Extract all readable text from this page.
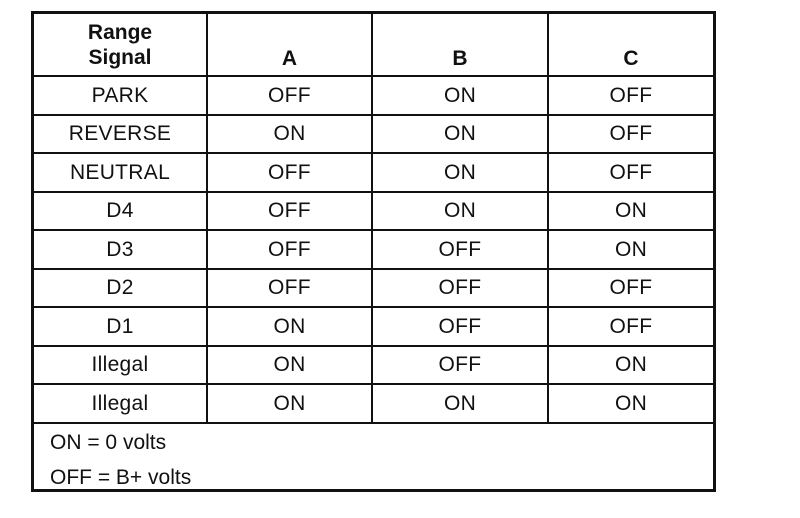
Range
Signal	A	B	C
PARK	OFF	ON	OFF
REVERSE	ON	ON	OFF
NEUTRAL	OFF	ON	OFF
D4	OFF	ON	ON
D3	OFF	OFF	ON
D2	OFF	OFF	OFF
D1	ON	OFF	OFF
Illegal	ON	OFF	ON
Illegal	ON	ON	ON

ON = 0 volts
OFF = B+ volts			
